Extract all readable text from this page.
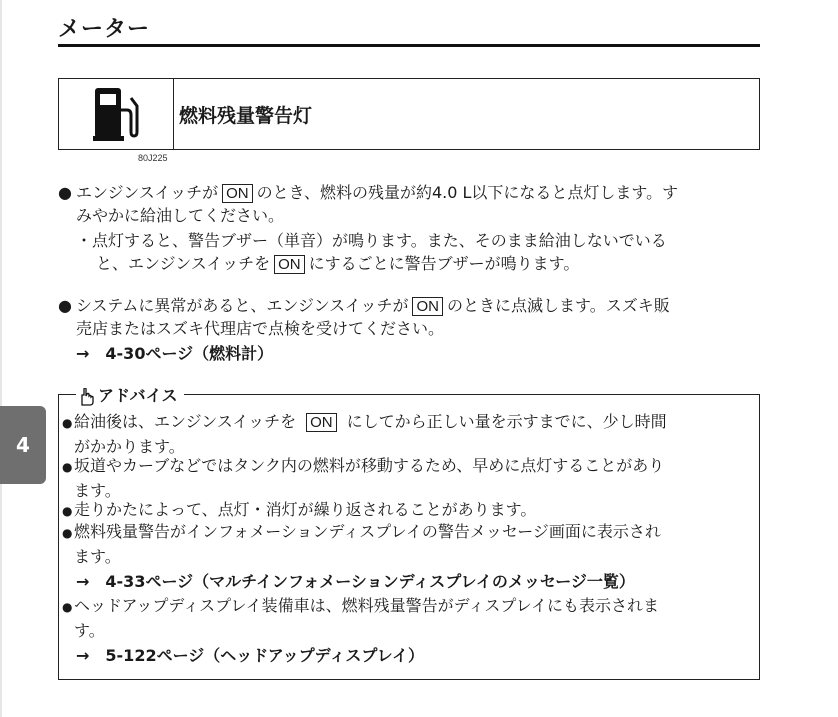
メーター
燃料残量警告灯
80J225
● エンジンスイッチが ON のとき、燃料の残量が約4.0 L以下になると点灯します。す
みやかに給油してください。
・点灯すると、警告ブザー（単音）が鳴ります。また、そのまま給油しないでいる
と、エンジンスイッチを ON にするごとに警告ブザーが鳴ります。
● システムに異常があると、エンジンスイッチが ON のときに点滅します。スズキ販
売店またはスズキ代理店で点検を受けてください。
→　4-30ページ（燃料計）
アドバイス
●給油後は、エンジンスイッチを ON にしてから正しい量を示すまでに、少し時間
がかかります。
●坂道やカーブなどではタンク内の燃料が移動するため、早めに点灯することがあり
ます。
●走りかたによって、点灯・消灯が繰り返されることがあります。
●燃料残量警告がインフォメーションディスプレイの警告メッセージ画面に表示され
ます。
→　4-33ページ（マルチインフォメーションディスプレイのメッセージ一覧）
●ヘッドアップディスプレイ装備車は、燃料残量警告がディスプレイにも表示されま
す。
→　5-122ページ（ヘッドアップディスプレイ）
4
